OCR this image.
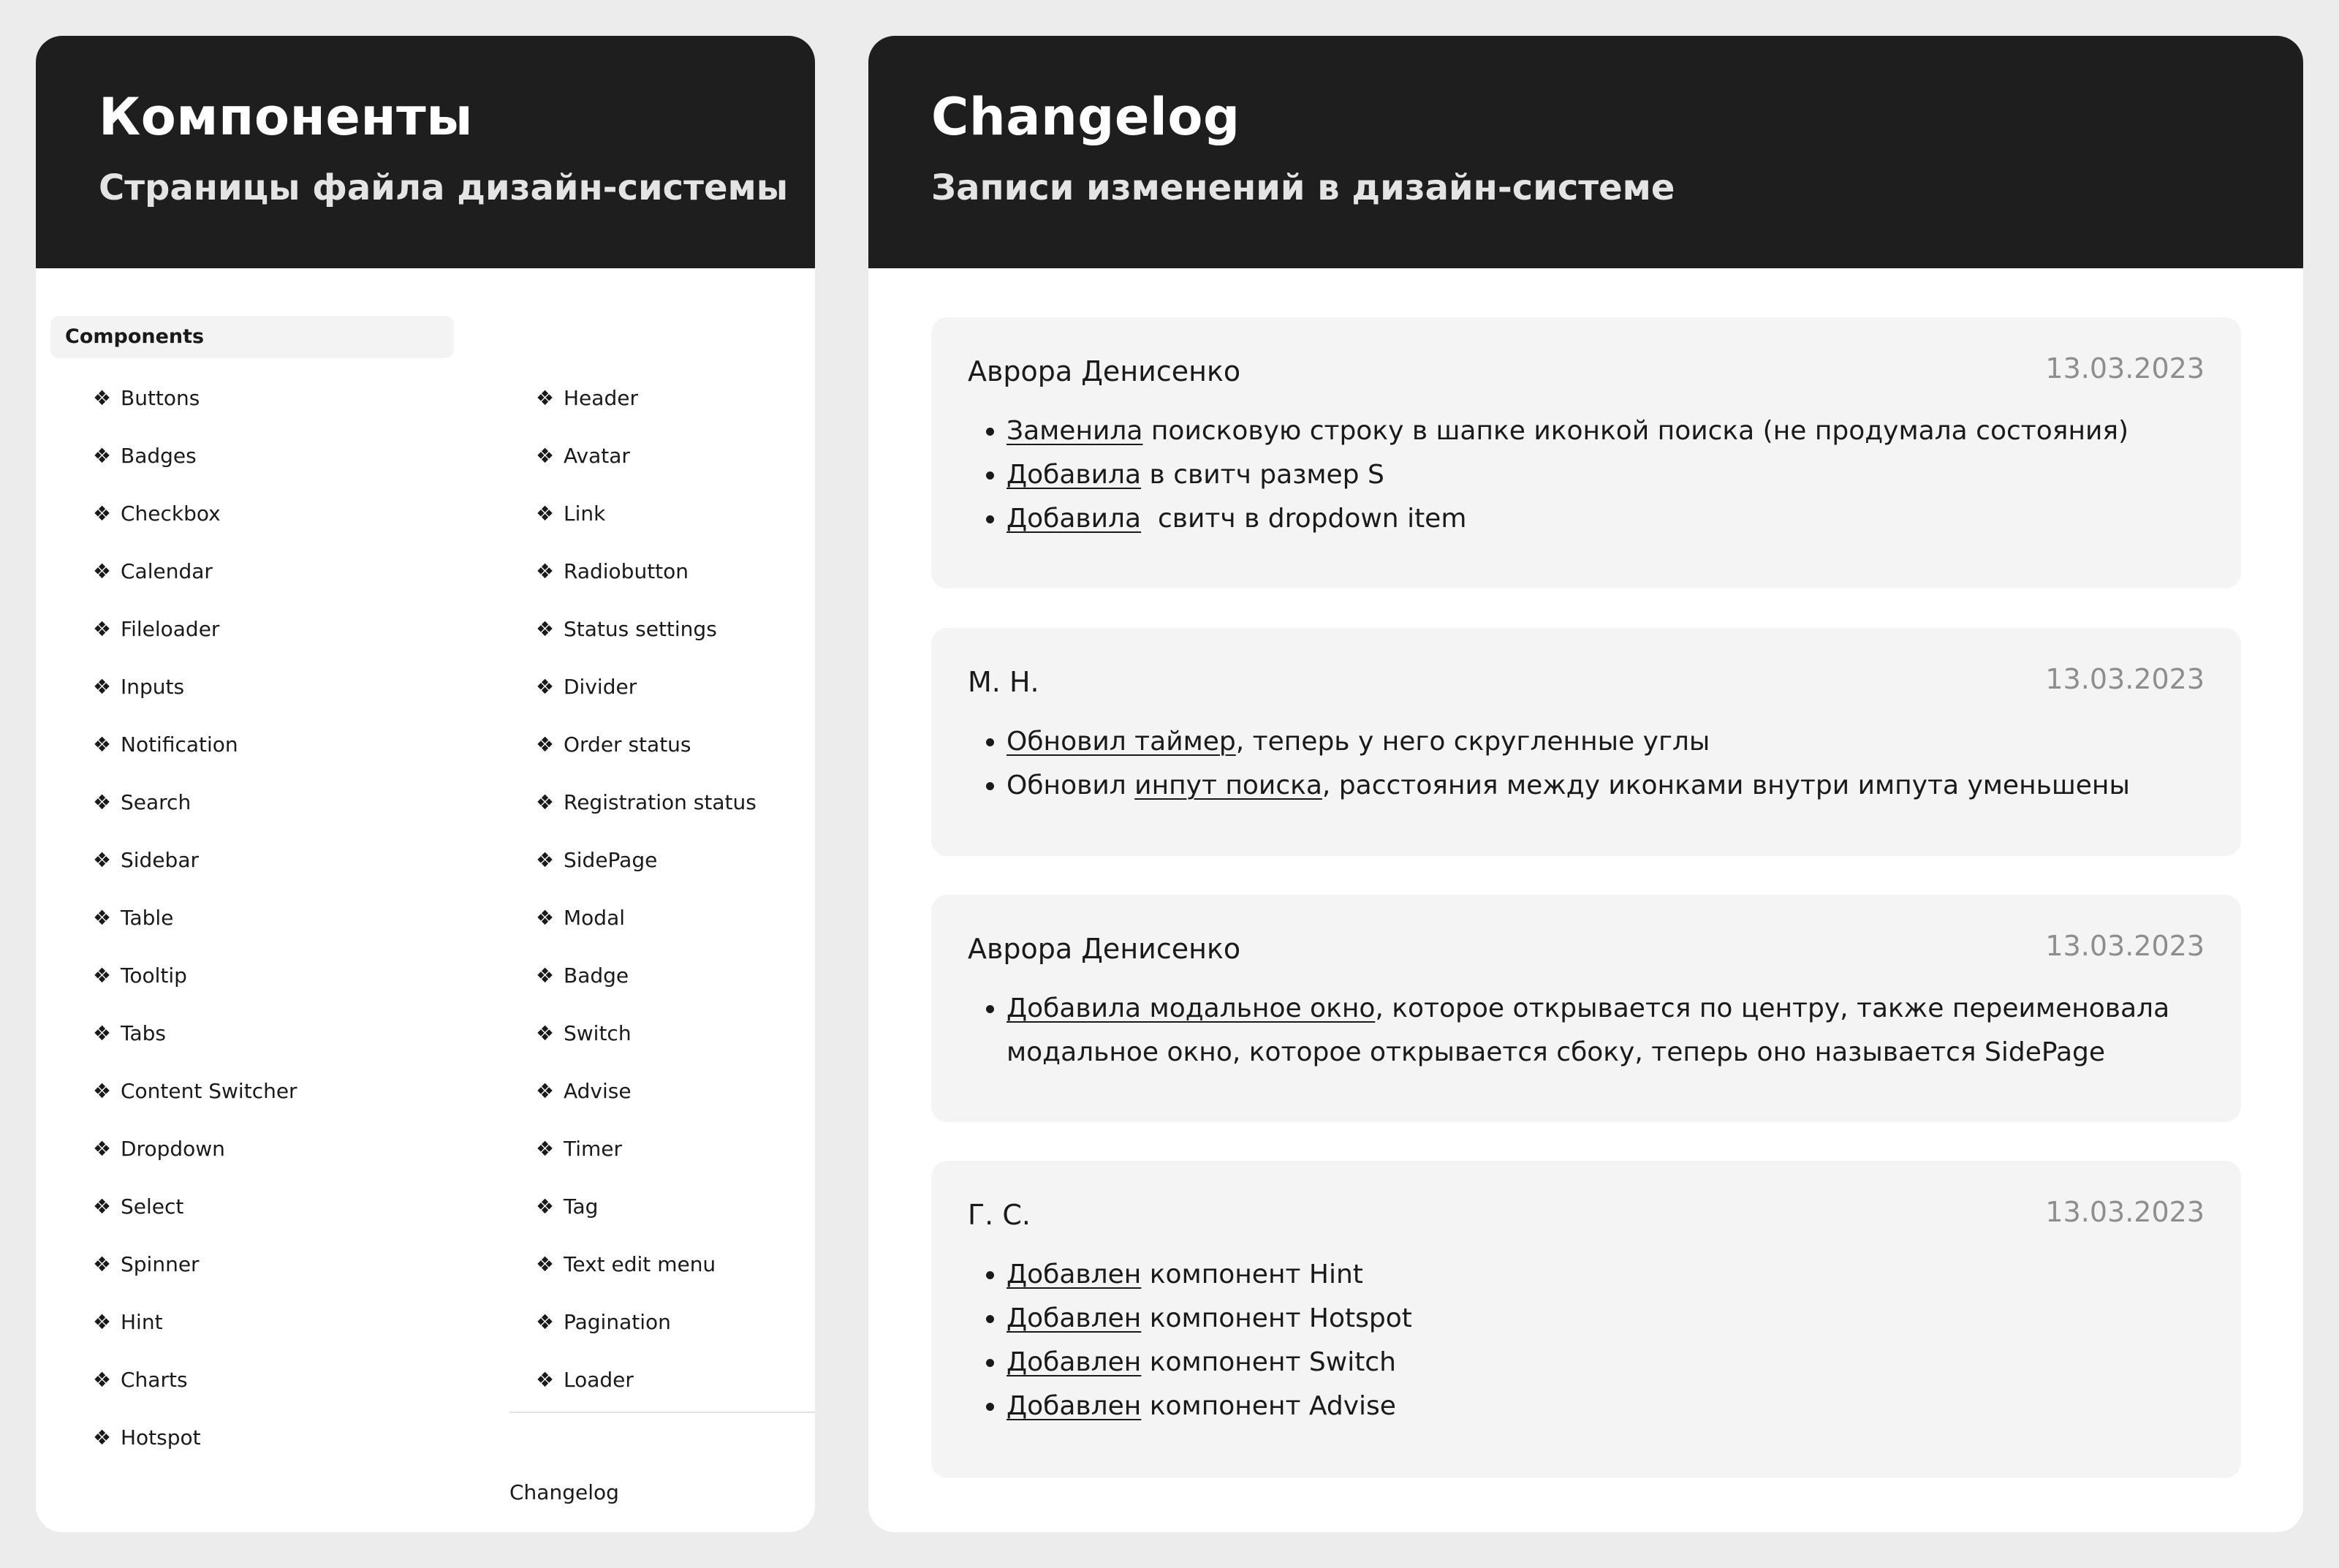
Компоненты
Страницы файла дизайн-системы
Components
❖ Buttons
❖ Badges
❖ Checkbox
❖ Calendar
❖ Fileloader
❖ Inputs
❖ Notification
❖ Search
❖ Sidebar
❖ Table
❖ Tooltip
❖ Tabs
❖ Content Switcher
❖ Dropdown
❖ Select
❖ Spinner
❖ Hint
❖ Charts
❖ Hotspot
❖ Header
❖ Avatar
❖ Link
❖ Radiobutton
❖ Status settings
❖ Divider
❖ Order status
❖ Registration status
❖ SidePage
❖ Modal
❖ Badge
❖ Switch
❖ Advise
❖ Timer
❖ Tag
❖ Text edit menu
❖ Pagination
❖ Loader
Changelog
Changelog
Записи изменений в дизайн-системе
Аврора Денисенко	13.03.2023
• Заменила поисковую строку в шапке иконкой поиска (не продумала состояния)
• Добавила в свитч размер S
• Добавила  свитч в dropdown item
М. Н.	13.03.2023
• Обновил таймер, теперь у него скругленные углы
• Обновил инпут поиска, расстояния между иконками внутри импута уменьшены
Аврора Денисенко	13.03.2023
• Добавила модальное окно, которое открывается по центру, также переименовала модальное окно, которое открывается сбоку, теперь оно называется SidePage
Г. С.	13.03.2023
• Добавлен компонент Hint
• Добавлен компонент Hotspot
• Добавлен компонент Switch
• Добавлен компонент Advise
